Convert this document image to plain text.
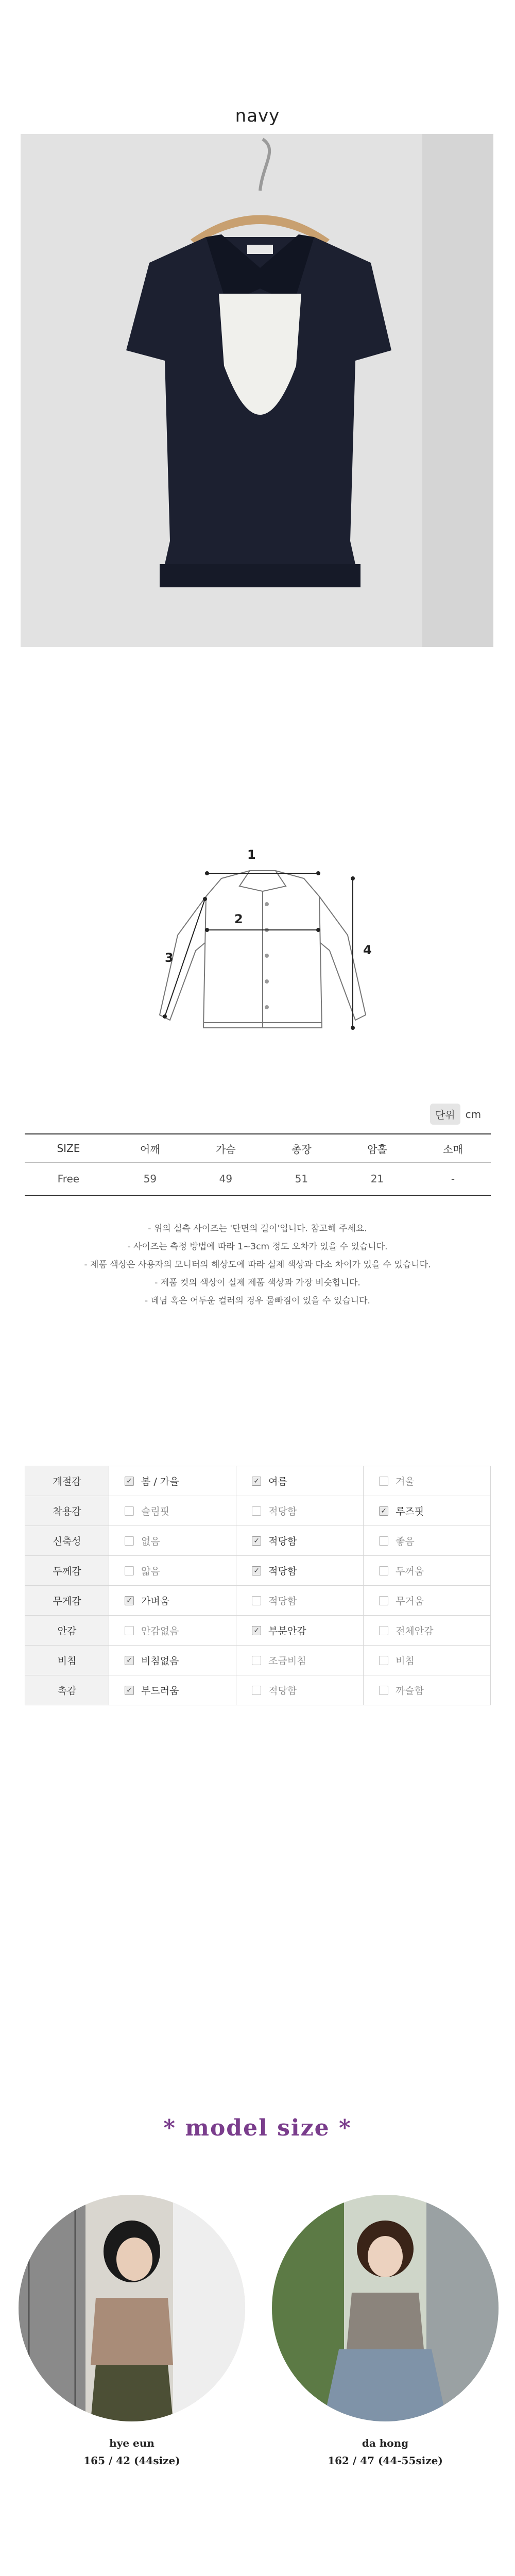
navy
1
2
3
4
단위	cm
SIZE	어깨	가슴	총장	암홀	소매
Free	59	49	51	21	-
- 위의 실측 사이즈는 '단면의 길이'입니다. 참고해 주세요.
- 사이즈는 측정 방법에 따라 1~3cm 정도 오차가 있을 수 있습니다.
- 제품 색상은 사용자의 모니터의 해상도에 따라 실제 색상과 다소 차이가 있을 수 있습니다.
- 제품 컷의 색상이 실제 제품 색상과 가장 비슷합니다.
- 데님 혹은 어두운 컬러의 경우 물빠짐이 있을 수 있습니다.
계절감	✓ 봄 / 가을	✓ 여름	겨울
착용감	슬림핏	적당함	✓ 루즈핏
신축성	없음	✓ 적당함	좋음
두께감	얇음	✓ 적당함	두꺼움
무게감	✓ 가벼움	적당함	무거움
안감	안감없음	✓ 부분안감	전체안감
비침	✓ 비침없음	조금비침	비침
촉감	✓ 부드러움	적당함	까슬함
* model size *
hye eun
165 / 42 (44size)
da hong
162 / 47 (44-55size)
